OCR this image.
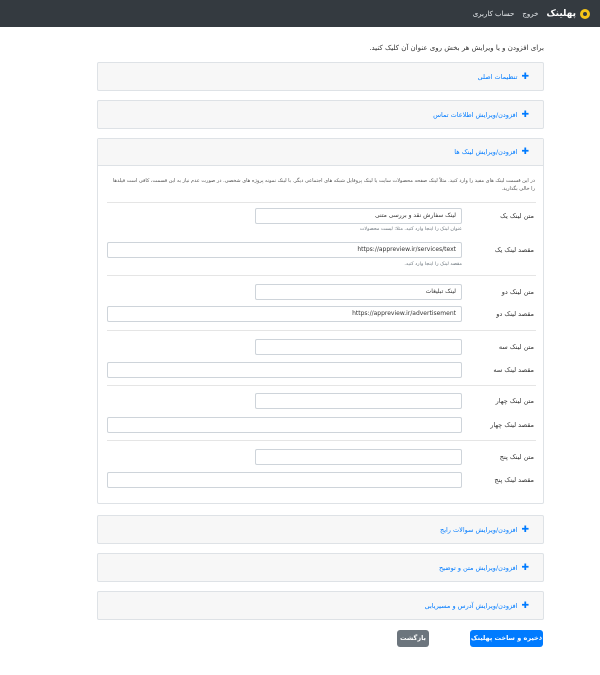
پهلینک
خروج
حساب کاربری
برای افزودن و یا ویرایش هر بخش روی عنوان آن کلیک کنید.
✚
تنظیمات اصلی
✚
افزودن/ویرایش اطلاعات تماس
✚
افزودن/ویرایش لینک ها
در این قسمت لینک های مفید را وارد کنید. مثلاً لینک صفحه محصولات سایت یا لینک پروفایل شبکه های اجتماعی دیگر. با لینک نمونه پروژه های شخصی. در صورت عدم نیاز به این قسمت، کافی است فیلدها را خالی بگذارید.
متن لینک یک
لینک سفارش نقد و بررسی متنی
عنوان لینک را اینجا وارد کنید. مثلا: لیست محصولات
مقصد لینک یک
https://appreview.ir/services/text
مقصد لینک را اینجا وارد کنید.
متن لینک دو
لینک تبلیغات
مقصد لینک دو
https://appreview.ir/advertisement
متن لینک سه
مقصد لینک سه
متن لینک چهار
مقصد لینک چهار
متن لینک پنج
مقصد لینک پنج
✚
افزودن/ویرایش سوالات رایج
✚
افزودن/ویرایش متن و توضیح
✚
افزودن/ویرایش آدرس و مسیریابی
ذخیره و ساخت پهلینک
بازگشت
